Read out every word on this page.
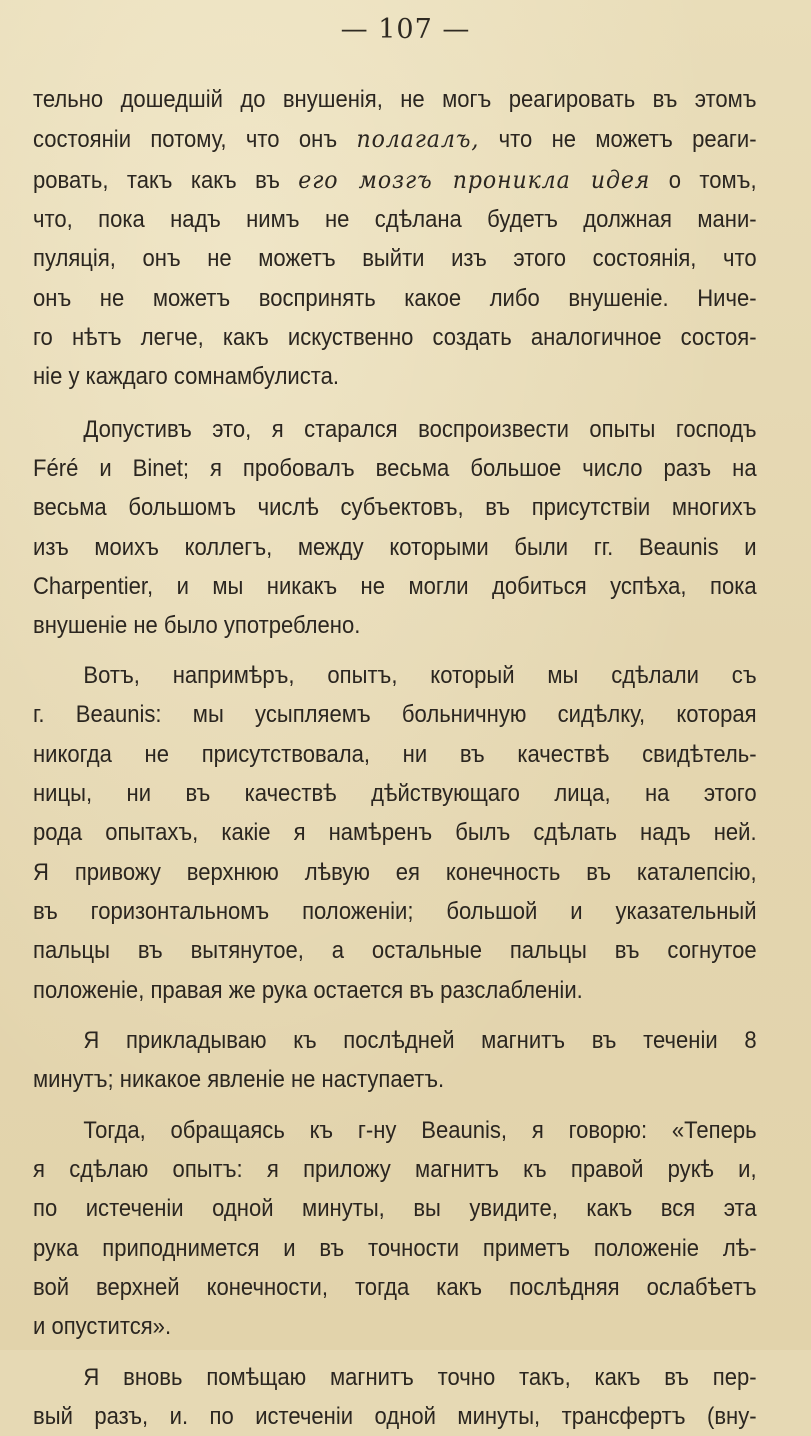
— 107 —

тельно дошедшій до внушенія, не могъ реагировать въ этомъ
состояніи потому, что онъ полагалъ, что не можетъ реаги-
ровать, такъ какъ въ его мозгъ проникла идея о томъ,
что, пока надъ нимъ не сдѣлана будетъ должная мани-
пуляція, онъ не можетъ выйти изъ этого состоянія, что
онъ не можетъ воспринять какое либо внушеніе. Ниче-
го нѣтъ легче, какъ искуственно создать аналогичное состоя-
ніе у каждаго сомнамбулиста.

Допустивъ это, я старался воспроизвести опыты господъ
Féré и Binet; я пробовалъ весьма большое число разъ на
весьма большомъ числѣ субъектовъ, въ присутствіи многихъ
изъ моихъ коллегъ, между которыми были гг. Beaunis и
Charpentier, и мы никакъ не могли добиться успѣха, пока
внушеніе не было употреблено.

Вотъ, напримѣръ, опытъ, который мы сдѣлали съ
г. Beaunis: мы усыпляемъ больничную сидѣлку, которая
никогда не присутствовала, ни въ качествѣ свидѣтель-
ницы, ни въ качествѣ дѣйствующаго лица, на этого
рода опытахъ, какіе я намѣренъ былъ сдѣлать надъ ней.
Я привожу верхнюю лѣвую ея конечность въ каталепсію,
въ горизонтальномъ положеніи; большой и указательный
пальцы въ вытянутое, а остальные пальцы въ согнутое
положеніе, правая же рука остается въ разслабленіи.

Я прикладываю къ послѣдней магнитъ въ теченіи 8
минутъ; никакое явленіе не наступаетъ.

Тогда, обращаясь къ г-ну Beaunis, я говорю: «Теперь
я сдѣлаю опытъ: я приложу магнитъ къ правой рукѣ и,
по истеченіи одной минуты, вы увидите, какъ вся эта
рука приподнимется и въ точности приметъ положеніе лѣ-
вой верхней конечности, тогда какъ послѣдняя ослабѣетъ
и опустится».

Я вновь помѣщаю магнитъ точно такъ, какъ въ пер-
вый разъ, и. по истеченіи одной минуты, трансфертъ (вну-
